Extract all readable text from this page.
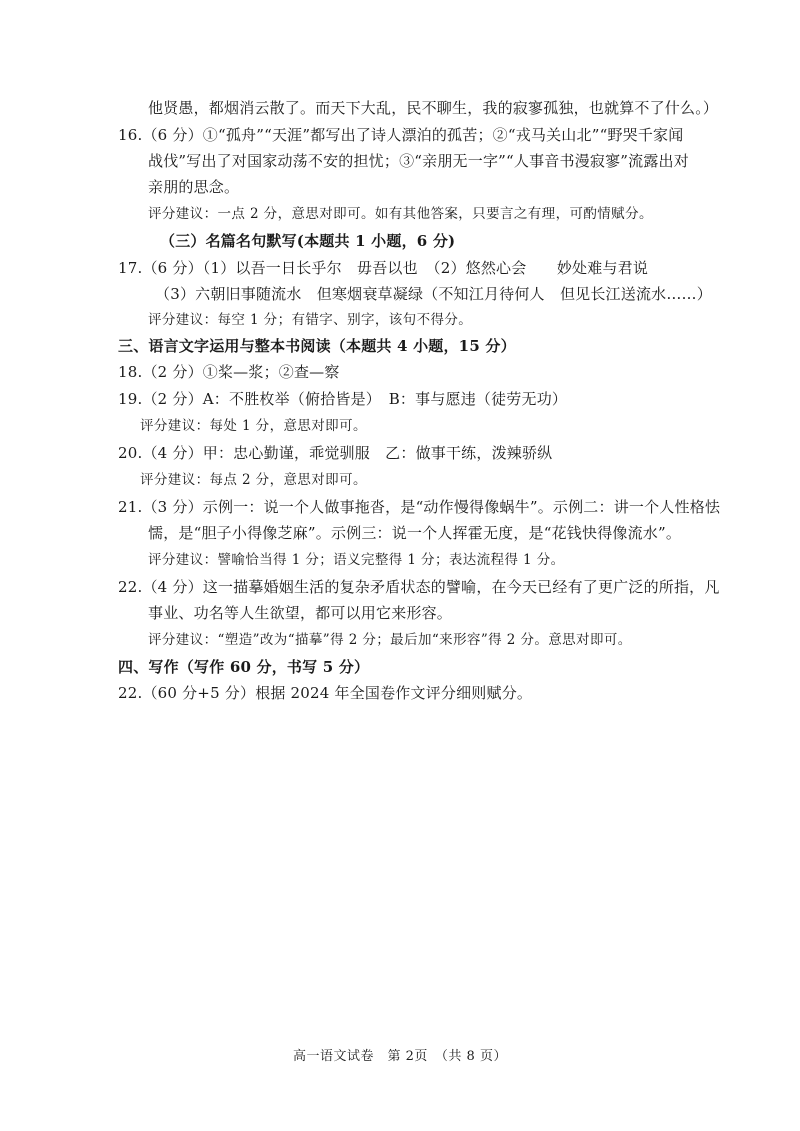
他贤愚，都烟消云散了。而天下大乱，民不聊生，我的寂寥孤独，也就算不了什么。）
16.（6 分）①“孤舟”“天涯”都写出了诗人漂泊的孤苦；②“戎马关山北”“野哭千家闻
战伐”写出了对国家动荡不安的担忧；③“亲朋无一字”“人事音书漫寂寥”流露出对
亲朋的思念。
评分建议：一点 2 分，意思对即可。如有其他答案，只要言之有理，可酌情赋分。
（三）名篇名句默写(本题共 1 小题，6 分)
17.（6 分）（1）以吾一日长乎尔　毋吾以也　（2）悠然心会　　妙处难与君说
（3）六朝旧事随流水　但寒烟衰草凝绿（不知江月待何人　但见长江送流水……）
评分建议：每空 1 分；有错字、别字，该句不得分。
三、语言文字运用与整本书阅读（本题共 4 小题，15 分）
18.（2 分）①桨—浆；②查—察
19.（2 分）A：不胜枚举（俯拾皆是）　B：事与愿违（徒劳无功）
评分建议：每处 1 分，意思对即可。
20.（4 分）甲：忠心勤谨，乖觉驯服　乙：做事干练，泼辣骄纵
评分建议：每点 2 分，意思对即可。
21.（3 分）示例一：说一个人做事拖沓，是“动作慢得像蜗牛”。示例二：讲一个人性格怯
懦，是“胆子小得像芝麻”。示例三：说一个人挥霍无度，是“花钱快得像流水”。
评分建议：譬喻恰当得 1 分；语义完整得 1 分；表达流程得 1 分。
22.（4 分）这一描摹婚姻生活的复杂矛盾状态的譬喻，在今天已经有了更广泛的所指，凡
事业、功名等人生欲望，都可以用它来形容。
评分建议：“塑造”改为“描摹”得 2 分；最后加“来形容”得 2 分。意思对即可。
四、写作（写作 60 分，书写 5 分）
22.（60 分+5 分）根据 2024 年全国卷作文评分细则赋分。
高一语文试卷　第 2页　（共 8 页）
